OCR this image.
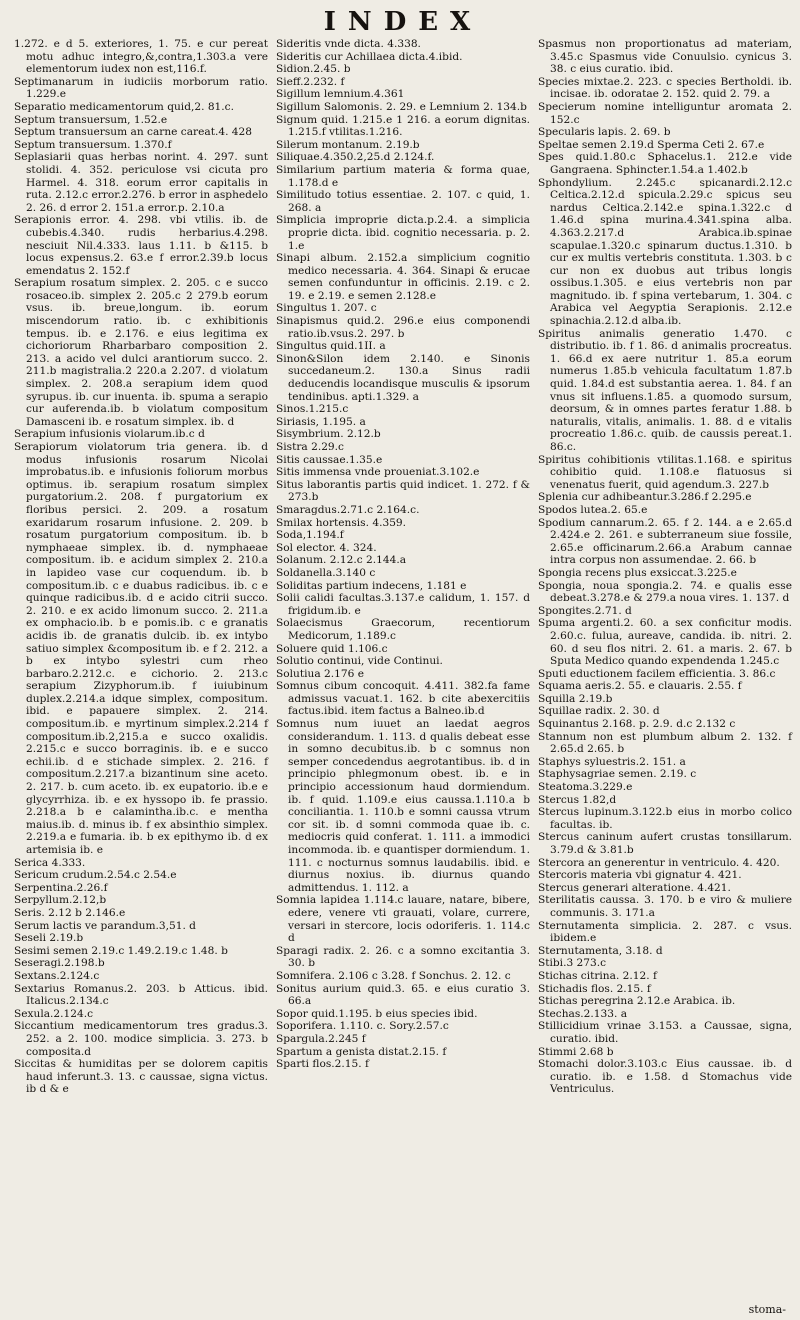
INDEX

1.272. e d 5. exteriores, 1. 75. e cur pereat motu adhuc integro,&,contra,1.303.a vere elementorum iudex non est,116.f.

Septimanarum in iudiciis morborum ratio. 1.229.e

Separatio medicamentorum quid,2. 81.c.

Septum transuersum, 1.52.e

Septum transuersum an carne careat.4. 428

Septum transuersum. 1.370.f

Seplasiarii quas herbas norint. 4. 297. sunt stolidi. 4. 352. periculose vsi cicuta pro Harmel. 4. 318. eorum error capitalis in ruta. 2.12.c error.2.276. b error in asphedelo 2. 26. d error 2. 151.a error.p. 2.10.a

Serapionis error. 4. 298. vbi vtilis. ib. de cubebis.4.340. rudis herbarius.4.298. nesciuit Nil.4.333. laus 1.11. b &115. b locus expensus.2. 63.e f error.2.39.b locus emendatus 2. 152.f

Serapium rosatum simplex. 2. 205. c e succo rosaceo.ib. simplex 2. 205.c 2 279.b eorum vsus. ib. breue,longum. ib. eorum miscendorum ratio. ib. c exhibitionis tempus. ib. e 2.176. e eius legitima ex cichoriorum Rharbarbaro composition 2. 213. a acido vel dulci arantiorum succo. 2. 211.b magistralia.2 220.a 2.207. d violatum simplex. 2. 208.a serapium idem quod syrupus. ib. cur inuenta. ib. spuma a serapio cur auferenda.ib. b violatum compositum Damasceni ib. e rosatum simplex. ib. d

Serapium infusionis violarum.ib.c d

Serapiorum violatorum tria genera. ib. d modus infusionis rosarum Nicolai improbatus.ib. e infusionis foliorum morbus optimus. ib. serapium rosatum simplex purgatorium.2. 208. f purgatorium ex floribus persici. 2. 209. a rosatum exaridarum rosarum infusione. 2. 209. b rosatum purgatorium compositum. ib. b nymphaeae simplex. ib. d. nymphaeae compositum. ib. e acidum simplex 2. 210.a in lapideo vase cur coquendum. ib. b compositum.ib. c e duabus radicibus. ib. c e quinque radicibus.ib. d e acido citrii succo. 2. 210. e ex acido limonum succo. 2. 211.a ex omphacio.ib. b e pomis.ib. c e granatis acidis ib. de granatis dulcib. ib. ex intybo satiuo simplex &compositum ib. e f 2. 212. a b ex intybo sylestri cum rheo barbaro.2.212.c. e cichorio. 2. 213.c serapium Zizyphorum.ib. f iuiubinum duplex.2.214.a idque simplex, compositum. ibid. e papauere simplex. 2. 214. compositum.ib. e myrtinum simplex.2.214 f compositum.ib.2,215.a e succo oxalidis. 2.215.c e succo borraginis. ib. e e succo echii.ib. d e stichade simplex. 2. 216. f compositum.2.217.a bizantinum sine aceto. 2. 217. b. cum aceto. ib. ex eupatorio. ib.e e glycyrrhiza. ib. e ex hyssopo ib. fe prassio. 2.218.a b e calamintha.ib.c. e mentha maius.ib. d. minus ib. f ex absinthio simplex. 2.219.a e fumaria. ib. b ex epithymo ib. d ex artemisia ib. e

Serica 4.333.

Sericum crudum.2.54.c 2.54.e

Serpentina.2.26.f

Serpyllum.2.12,b

Seris. 2.12 b 2.146.e

Serum lactis ve parandum.3,51. d

Seseli 2.19.b

Sesimi semen 2.19.c 1.49.2.19.c 1.48. b

Seseragi.2.198.b

Sextans.2.124.c

Sextarius Romanus.2. 203. b Atticus. ibid. Italicus.2.134.c

Sexula.2.124.c

Siccantium medicamentorum tres gradus.3. 252. a 2. 100. modice simplicia. 3. 273. b composita.d

Siccitas & humiditas per se dolorem capitis haud inferunt.3. 13. c caussae, signa victus. ib d & e

Sideritis vnde dicta. 4.338.

Sideritis cur Achillaea dicta.4.ibid.

Sidion.2.45. b

Sieff.2.232. f

Sigillum lemnium.4.361

Sigillum Salomonis. 2. 29. e Lemnium 2. 134.b

Signum quid. 1.215.e 1 216. a eorum dignitas. 1.215.f vtilitas.1.216.

Silerum montanum. 2.19.b

Siliquae.4.350.2,25.d 2.124.f.

Similarium partium materia & forma quae, 1.178.d e

Similitudo totius essentiae. 2. 107. c quid, 1. 268. a

Simplicia improprie dicta.p.2.4. a simplicia proprie dicta. ibid. cognitio necessaria. p. 2. 1.e

Sinapi album. 2.152.a simplicium cognitio medico necessaria. 4. 364. Sinapi & erucae semen confunduntur in officinis. 2.19. c 2. 19. e 2.19. e semen 2.128.e

Singultus 1. 207. c

Sinapismus quid.2. 296.e eius componendi ratio.ib.vsus.2. 297. b

Singultus quid.1II. a

Sinon&Silon idem 2.140. e Sinonis succedaneum.2. 130.a Sinus radii deducendis locandisque musculis & ipsorum tendinibus. apti.1.329. a

Sinos.1.215.c

Siriasis, 1.195. a

Sisymbrium. 2.12.b

Sistra 2.29.c

Sitis caussae.1.35.e

Sitis immensa vnde proueniat.3.102.e

Situs laborantis partis quid indicet. 1. 272. f & 273.b

Smaragdus.2.71.c 2.164.c.

Smilax hortensis. 4.359.

Soda,1.194.f

Sol elector. 4. 324.

Solanum. 2.12.c 2.144.a

Soldanella.3.140 c

Soliditas partium indecens, 1.181 e

Solii calidi facultas.3.137.e calidum, 1. 157. d frigidum.ib. e

Solaecismus Graecorum, recentiorum Medicorum, 1.189.c

Soluere quid 1.106.c

Solutio continui, vide Continui.

Solutiua 2.176 e

Somnus cibum concoquit. 4.411. 382.fa fame admissus vacuat.1. 162. b cite abexercitiis factus.ibid. item factus a Balneo.ib.d

Somnus num iuuet an laedat aegros considerandum. 1. 113. d qualis debeat esse in somno decubitus.ib. b c somnus non semper concedendus aegrotantibus. ib. d in principio phlegmonum obest. ib. e in principio accessionum haud dormiendum. ib. f quid. 1.109.e eius caussa.1.110.a b conciliantia. 1. 110.b e somni caussa vtrum cor sit. ib. d somni commoda quae ib. c. mediocris quid conferat. 1. 111. a immodici incommoda. ib. e quantisper dormiendum. 1. 111. c nocturnus somnus laudabilis. ibid. e diurnus noxius. ib. diurnus quando admittendus. 1. 112. a

Somnia lapidea 1.114.c lauare, natare, bibere, edere, venere vti grauati, volare, currere, versari in stercore, locis odoriferis. 1. 114.c d

Sparagi radix. 2. 26. c a somno excitantia 3. 30. b

Somnifera. 2.106 c 3.28. f Sonchus. 2. 12. c

Sonitus aurium quid.3. 65. e eius curatio 3. 66.a

Sopor quid.1.195. b eius species ibid.

Soporifera. 1.110. c. Sory.2.57.c

Spargula.2.245 f

Spartum a genista distat.2.15. f

Sparti flos.2.15. f

Spasmus non proportionatus ad materiam, 3.45.c Spasmus vide Conuulsio. cynicus 3. 38. c eius curatio. ibid.

Species mixtae.2. 223. c species Bertholdi. ib. incisae. ib. odoratae 2. 152. quid 2. 79. a

Specierum nomine intelliguntur aromata 2. 152.c

Specularis lapis. 2. 69. b

Speltae semen 2.19.d Sperma Ceti 2. 67.e

Spes quid.1.80.c Sphacelus.1. 212.e vide Gangraena. Sphincter.1.54.a 1.402.b

Sphondylium. 2.245.c spicanardi.2.12.c Celtica.2.12.d spicula.2.29.c spicus seu nardus Celtica.2.142.e spina.1.322.c d 1.46.d spina murina.4.341.spina alba. 4.363.2.217.d Arabica.ib.spinae scapulae.1.320.c spinarum ductus.1.310. b cur ex multis vertebris constituta. 1.303. b c cur non ex duobus aut tribus longis ossibus.1.305. e eius vertebris non par magnitudo. ib. f spina vertebarum, 1. 304. c Arabica vel Aegyptia Serapionis. 2.12.e spinachia.2.12.d alba.ib.

Spiritus animalis generatio 1.470. c distributio. ib. f 1. 86. d animalis procreatus. 1. 66.d ex aere nutritur 1. 85.a eorum numerus 1.85.b vehicula facultatum 1.87.b quid. 1.84.d est substantia aerea. 1. 84. f an vnus sit influens.1.85. a quomodo sursum, deorsum, & in omnes partes feratur 1.88. b naturalis, vitalis, animalis. 1. 88. d e vitalis procreatio 1.86.c. quib. de caussis pereat.1. 86.c.

Spiritus cohibitionis vtilitas.1.168. e spiritus cohibitio quid. 1.108.e flatuosus si venenatus fuerit, quid agendum.3. 227.b

Splenia cur adhibeantur.3.286.f 2.295.e

Spodos lutea.2. 65.e

Spodium cannarum.2. 65. f 2. 144. a e 2.65.d 2.424.e 2. 261. e subterraneum siue fossile, 2.65.e officinarum.2.66.a Arabum cannae intra corpus non assumendae. 2. 66. b

Spongia recens plus exsiccat.3.225.e

Spongia, noua spongia.2. 74. e qualis esse debeat.3.278.e & 279.a noua vires. 1. 137. d

Spongites.2.71. d

Spuma argenti.2. 60. a sex conficitur modis. 2.60.c. fulua, aureave, candida. ib. nitri. 2. 60. d seu flos nitri. 2. 61. a maris. 2. 67. b Sputa Medico quando expendenda 1.245.c

Sputi eductionem facilem efficientia. 3. 86.c

Squama aeris.2. 55. e clauaris. 2.55. f

Squilla 2.19.b

Squillae radix. 2. 30. d

Squinantus 2.168. p. 2.9. d.c 2.132 c

Stannum non est plumbum album 2. 132. f 2.65.d 2.65. b

Staphys syluestris.2. 151. a

Staphysagriae semen. 2.19. c

Steatoma.3.229.e

Stercus 1.82,d

Stercus lupinum.3.122.b eius in morbo colico facultas. ib.

Stercus caninum aufert crustas tonsillarum. 3.79.d & 3.81.b

Stercora an generentur in ventriculo. 4. 420.

Stercoris materia vbi gignatur 4. 421.

Stercus generari alteratione. 4.421.

Sterilitatis caussa. 3. 170. b e viro & muliere communis. 3. 171.a

Sternutamenta simplicia. 2. 287. c vsus. ibidem.e

Sternutamenta, 3.18. d

Stibi.3 273.c

Stichas citrina. 2.12. f

Stichadis flos. 2.15. f

Stichas peregrina 2.12.e Arabica. ib.

Stechas.2.133. a

Stillicidium vrinae 3.153. a Caussae, signa, curatio. ibid.

Stimmi 2.68 b

Stomachi dolor.3.103.c Eius caussae. ib. d curatio. ib. e 1.58. d Stomachus vide Ventriculus.

stoma-
